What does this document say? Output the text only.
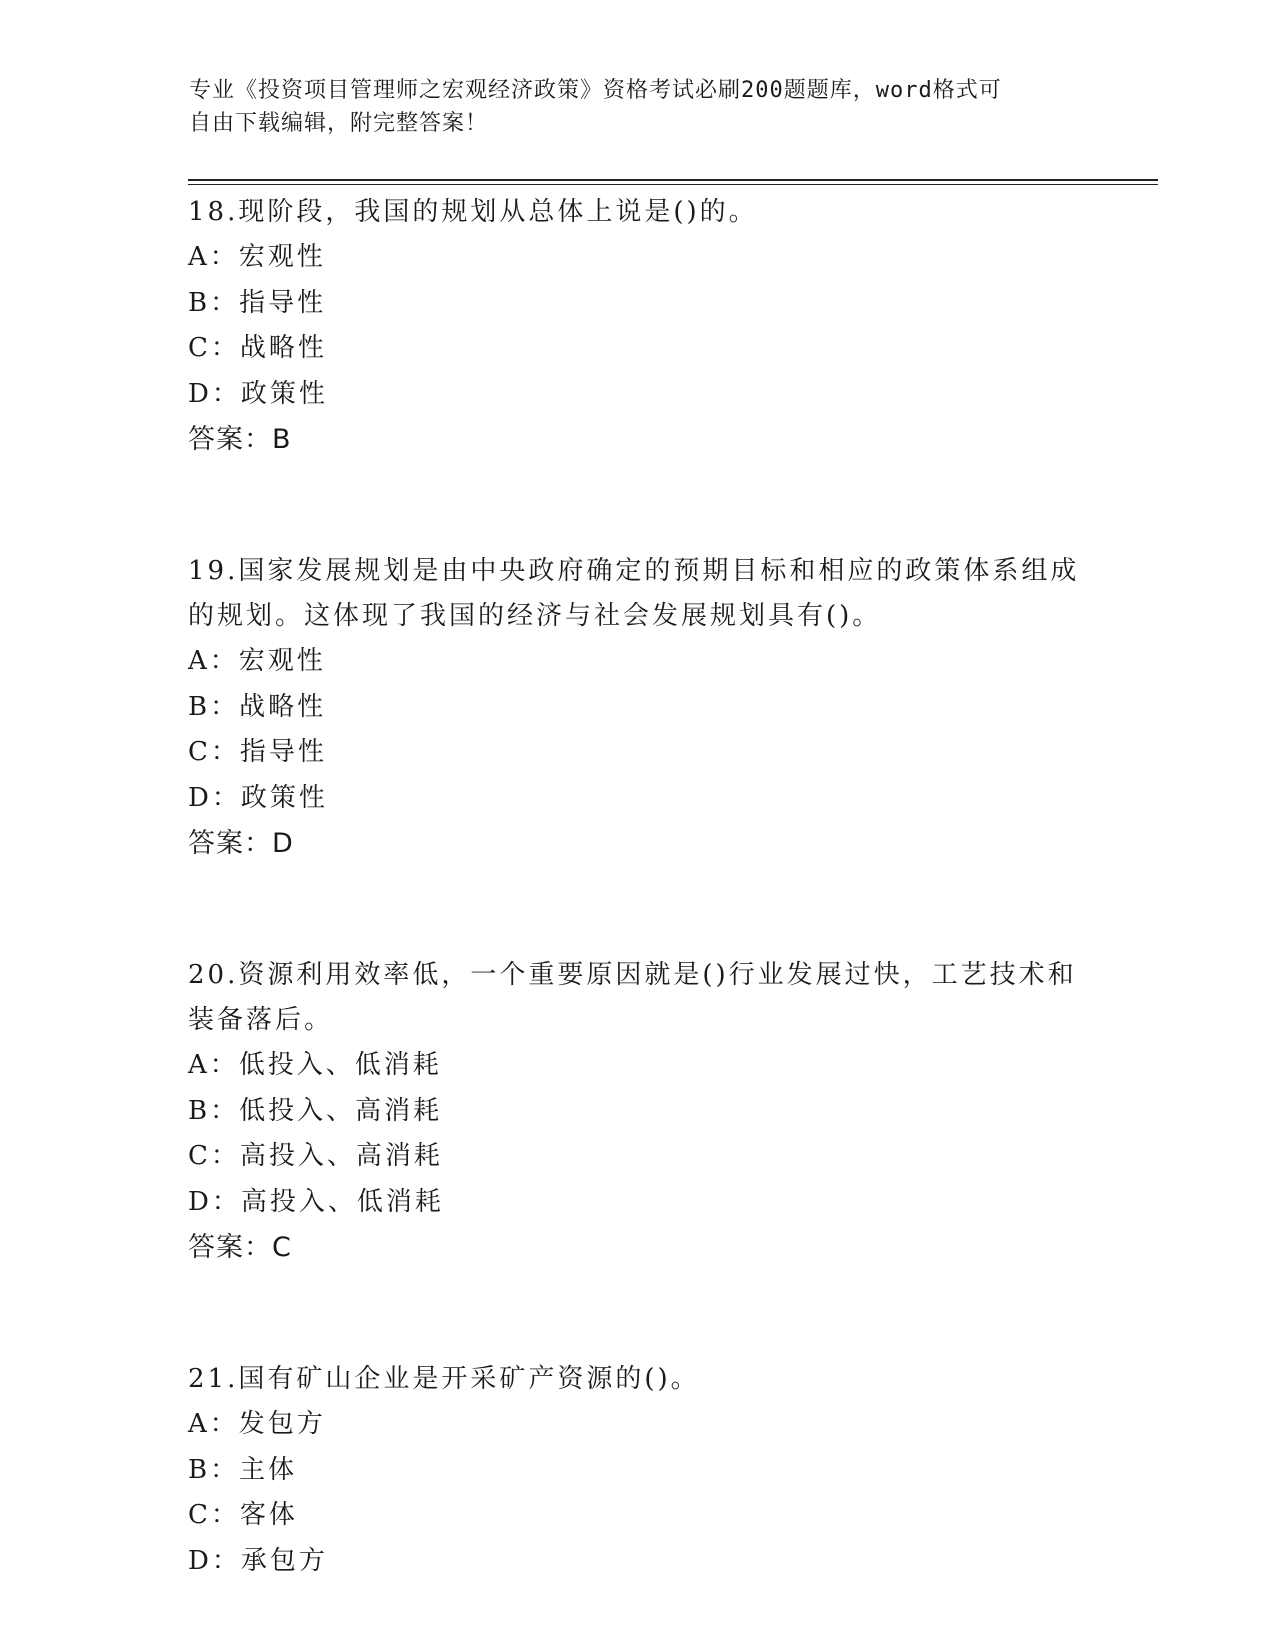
专业《投资项目管理师之宏观经济政策》资格考试必刷200题题库，word格式可
自由下载编辑，附完整答案！
18.现阶段，我国的规划从总体上说是()的。
A：宏观性
B：指导性
C：战略性
D：政策性
答案：B
19.国家发展规划是由中央政府确定的预期目标和相应的政策体系组成
的规划。这体现了我国的经济与社会发展规划具有()。
A：宏观性
B：战略性
C：指导性
D：政策性
答案：D
20.资源利用效率低，一个重要原因就是()行业发展过快，工艺技术和
装备落后。
A：低投入、低消耗
B：低投入、高消耗
C：高投入、高消耗
D：高投入、低消耗
答案：C
21.国有矿山企业是开采矿产资源的()。
A：发包方
B：主体
C：客体
D：承包方
